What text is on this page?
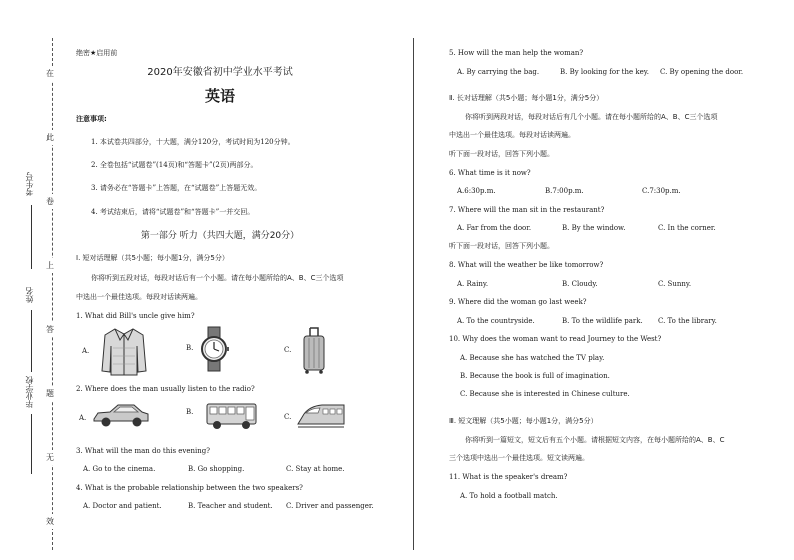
在
此
卷
上
答
题
无
效
考生号
姓名
毕业学校
绝密★启用前
2020年安徽省初中学业水平考试
英语
注意事项:
1. 本试卷共四部分，十大题，满分120分，考试时间为120分钟。
2. 全卷包括“试题卷”(14页)和“答题卡”(2页)两部分。
3. 请务必在“答题卡”上答题，在“试题卷”上答题无效。
4. 考试结束后，请将“试题卷”和“答题卡”一并交回。
第一部分 听力（共四大题，满分20分）
Ⅰ. 短对话理解（共5小题；每小题1分，满分5分）
你将听到五段对话，每段对话后有一个小题。请在每小题所给的A、B、C三个选项
中选出一个最佳选项。每段对话读两遍。
1. What did Bill's uncle give him?
A.	B.	C.
2. Where does the man usually listen to the radio?
A.
B.
C.
3. What will the man do this evening?
A. Go to the cinema.	B. Go shopping.	C. Stay at home.
4. What is the probable relationship between the two speakers?
A. Doctor and patient.	B. Teacher and student. C. Driver and passenger.
5. How will the man help the woman?
A. By carrying the bag.	B. By looking for the key. C. By opening the door.
Ⅱ. 长对话理解（共5小题；每小题1分，满分5分）
你将听到两段对话，每段对话后有几个小题。请在每小题所给的A、B、C三个选项
中选出一个最佳选项。每段对话读两遍。
听下面一段对话，回答下列小题。
6. What time is it now?
A.6:30p.m.	B.7:00p.m.	C.7:30p.m.
7. Where will the man sit in the restaurant?
A. Far from the door.	B. By the window.	C. In the corner.
听下面一段对话，回答下列小题。
8. What will the weather be like tomorrow?
A. Rainy.	B. Cloudy.	C. Sunny.
9. Where did the woman go last week?
A. To the countryside.	B. To the wildlife park. C. To the library.
10. Why does the woman want to read Journey to the West?
A. Because she has watched the TV play.
B. Because the book is full of imagination.
C. Because she is interested in Chinese culture.
Ⅲ. 短文理解（共5小题；每小题1分，满分5分）
你将听到一篇短文，短文后有五个小题。请根据短文内容，在每小题所给的A、B、C
三个选项中选出一个最佳选项。短文读两遍。
11. What is the speaker's dream?
A. To hold a football match.
